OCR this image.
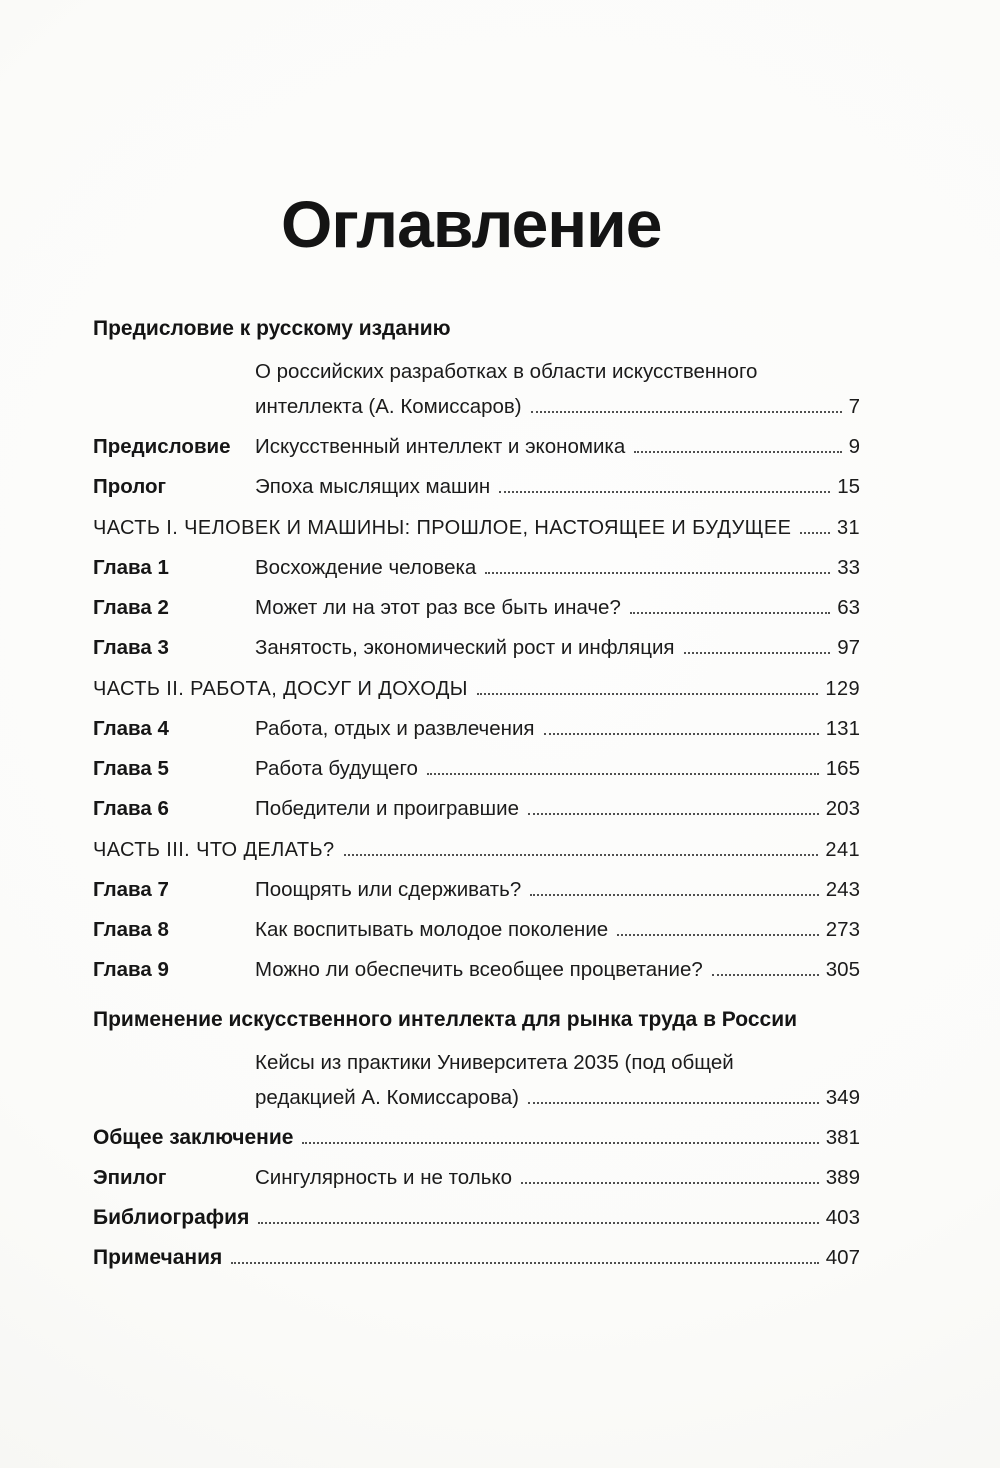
Оглавление
Предисловие к русскому изданию
О российских разработках в области искусственного
интеллекта (А. Комиссаров)	7
Предисловие	Искусственный интеллект и экономика	9
Пролог	Эпоха мыслящих машин	15
ЧАСТЬ I. ЧЕЛОВЕК И МАШИНЫ: ПРОШЛОЕ, НАСТОЯЩЕЕ И БУДУЩЕЕ 31
Глава 1	Восхождение человека	33
Глава 2	Может ли на этот раз все быть иначе?	63
Глава 3	Занятость, экономический рост и инфляция	97
ЧАСТЬ II. РАБОТА, ДОСУГ И ДОХОДЫ	129
Глава 4	Работа, отдых и развлечения	131
Глава 5	Работа будущего	165
Глава 6	Победители и проигравшие	203
ЧАСТЬ III. ЧТО ДЕЛАТЬ?	241
Глава 7	Поощрять или сдерживать?	243
Глава 8	Как воспитывать молодое поколение	273
Глава 9	Можно ли обеспечить всеобщее процветание?	305
Применение искусственного интеллекта для рынка труда в России
Кейсы из практики Университета 2035 (под общей
редакцией А. Комиссарова)	349
Общее заключение	381
Эпилог	Сингулярность и не только	389
Библиография	403
Примечания	407
